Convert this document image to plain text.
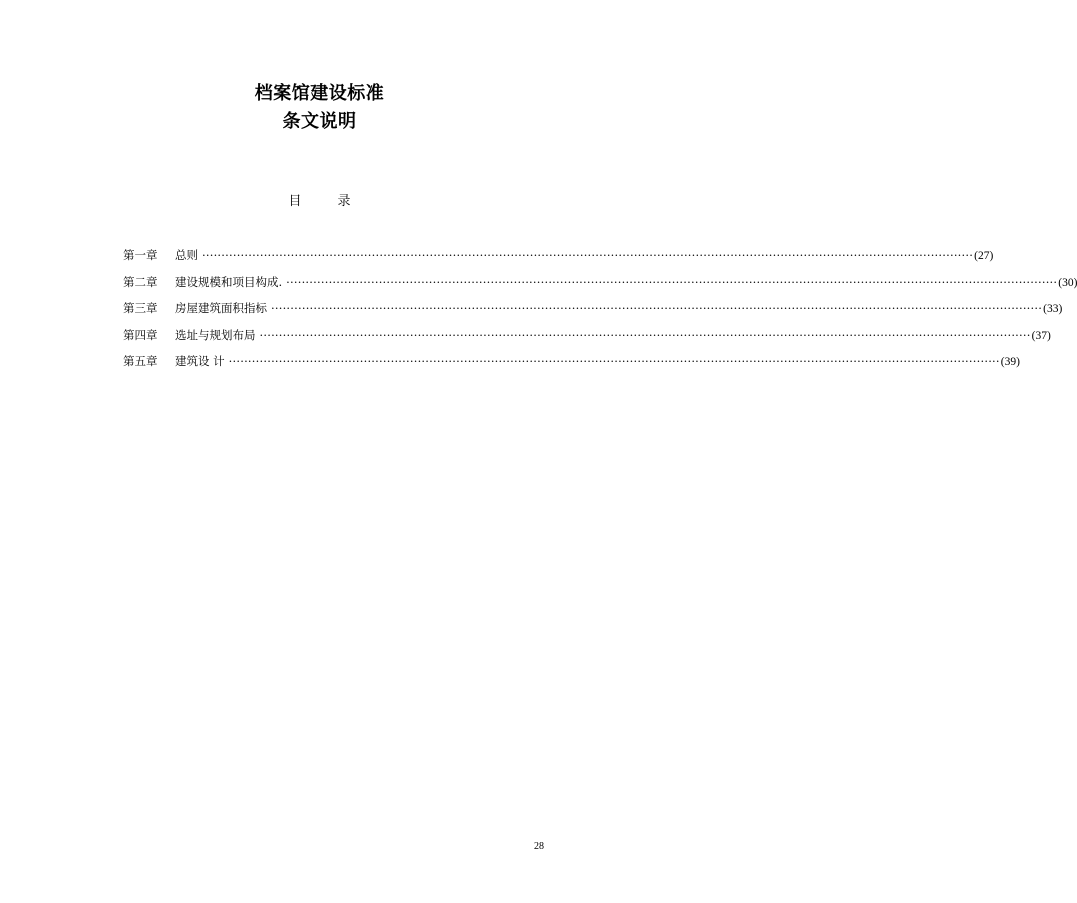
档案馆建设标准
条文说明
目	录
第一章	总则 ········································································································································································································ (27)
第二章	建设规模和项目构成. ········································································································································································································ (30)
第三章	房屋建筑面积指标 ········································································································································································································ (33)
第四章	选址与规划布局 ········································································································································································································ (37)
第五章	建筑设 计 ········································································································································································································ (39)
28
